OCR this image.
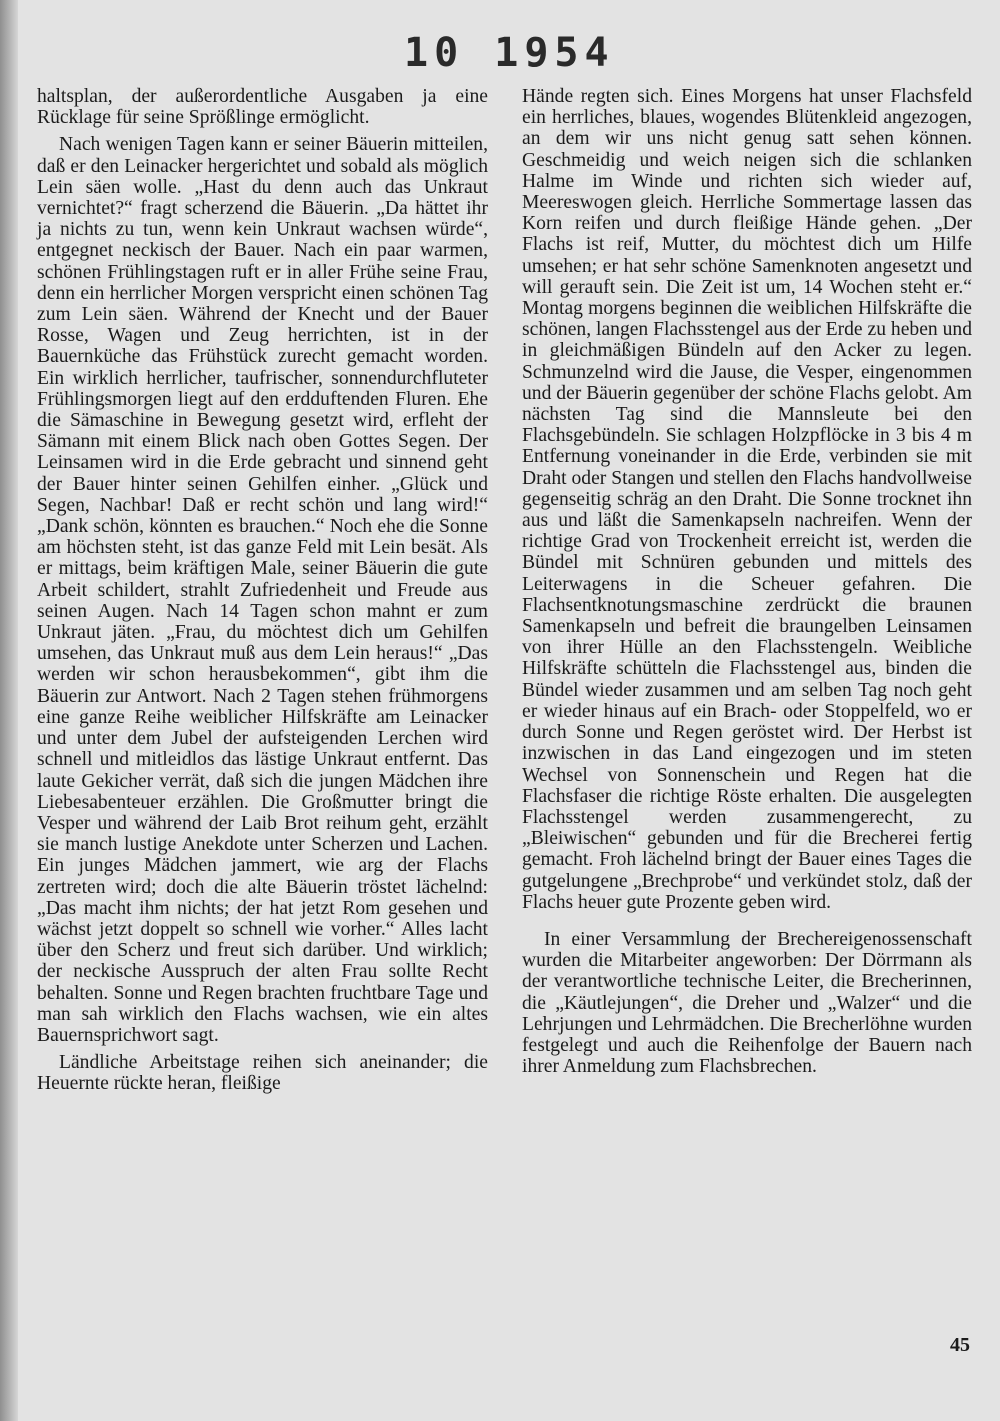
10 1954

haltsplan, der außerordentliche Ausgaben ja eine Rücklage für seine Sprößlinge ermöglicht.

Nach wenigen Tagen kann er seiner Bäuerin mitteilen, daß er den Leinacker hergerichtet und sobald als möglich Lein säen wolle. „Hast du denn auch das Unkraut vernichtet?“ fragt scherzend die Bäuerin. „Da hättet ihr ja nichts zu tun, wenn kein Unkraut wachsen würde“, entgegnet neckisch der Bauer. Nach ein paar warmen, schönen Frühlingstagen ruft er in aller Frühe seine Frau, denn ein herrlicher Morgen verspricht einen schönen Tag zum Lein säen. Während der Knecht und der Bauer Rosse, Wagen und Zeug herrichten, ist in der Bauernküche das Frühstück zurecht gemacht worden. Ein wirklich herrlicher, taufrischer, sonnendurchfluteter Frühlingsmorgen liegt auf den erdduftenden Fluren. Ehe die Sämaschine in Bewegung gesetzt wird, erfleht der Sämann mit einem Blick nach oben Gottes Segen. Der Leinsamen wird in die Erde gebracht und sinnend geht der Bauer hinter seinen Gehilfen einher. „Glück und Segen, Nachbar! Daß er recht schön und lang wird!“ „Dank schön, könnten es brauchen.“ Noch ehe die Sonne am höchsten steht, ist das ganze Feld mit Lein besät. Als er mittags, beim kräftigen Male, seiner Bäuerin die gute Arbeit schildert, strahlt Zufriedenheit und Freude aus seinen Augen. Nach 14 Tagen schon mahnt er zum Unkraut jäten. „Frau, du möchtest dich um Gehilfen umsehen, das Unkraut muß aus dem Lein heraus!“ „Das werden wir schon herausbekommen“, gibt ihm die Bäuerin zur Antwort. Nach 2 Tagen stehen frühmorgens eine ganze Reihe weiblicher Hilfskräfte am Leinacker und unter dem Jubel der aufsteigenden Lerchen wird schnell und mitleidlos das lästige Unkraut entfernt. Das laute Gekicher verrät, daß sich die jungen Mädchen ihre Liebesabenteuer erzählen. Die Großmutter bringt die Vesper und während der Laib Brot reihum geht, erzählt sie manch lustige Anekdote unter Scherzen und Lachen. Ein junges Mädchen jammert, wie arg der Flachs zertreten wird; doch die alte Bäuerin tröstet lächelnd: „Das macht ihm nichts; der hat jetzt Rom gesehen und wächst jetzt doppelt so schnell wie vorher.“ Alles lacht über den Scherz und freut sich darüber. Und wirklich; der neckische Ausspruch der alten Frau sollte Recht behalten. Sonne und Regen brachten fruchtbare Tage und man sah wirklich den Flachs wachsen, wie ein altes Bauernsprichwort sagt.

Ländliche Arbeitstage reihen sich aneinander; die Heuernte rückte heran, fleißige

Hände regten sich. Eines Morgens hat unser Flachsfeld ein herrliches, blaues, wogendes Blütenkleid angezogen, an dem wir uns nicht genug satt sehen können. Geschmeidig und weich neigen sich die schlanken Halme im Winde und richten sich wieder auf, Meereswogen gleich. Herrliche Sommertage lassen das Korn reifen und durch fleißige Hände gehen. „Der Flachs ist reif, Mutter, du möchtest dich um Hilfe umsehen; er hat sehr schöne Samenknoten angesetzt und will gerauft sein. Die Zeit ist um, 14 Wochen steht er.“ Montag morgens beginnen die weiblichen Hilfskräfte die schönen, langen Flachsstengel aus der Erde zu heben und in gleichmäßigen Bündeln auf den Acker zu legen. Schmunzelnd wird die Jause, die Vesper, eingenommen und der Bäuerin gegenüber der schöne Flachs gelobt. Am nächsten Tag sind die Mannsleute bei den Flachsgebündeln. Sie schlagen Holzpflöcke in 3 bis 4 m Entfernung voneinander in die Erde, verbinden sie mit Draht oder Stangen und stellen den Flachs handvollweise gegenseitig schräg an den Draht. Die Sonne trocknet ihn aus und läßt die Samenkapseln nachreifen. Wenn der richtige Grad von Trockenheit erreicht ist, werden die Bündel mit Schnüren gebunden und mittels des Leiterwagens in die Scheuer gefahren. Die Flachsentknotungsmaschine zerdrückt die braunen Samenkapseln und befreit die braungelben Leinsamen von ihrer Hülle an den Flachsstengeln. Weibliche Hilfskräfte schütteln die Flachsstengel aus, binden die Bündel wieder zusammen und am selben Tag noch geht er wieder hinaus auf ein Brach- oder Stoppelfeld, wo er durch Sonne und Regen geröstet wird. Der Herbst ist inzwischen in das Land eingezogen und im steten Wechsel von Sonnenschein und Regen hat die Flachsfaser die richtige Röste erhalten. Die ausgelegten Flachsstengel werden zusammengerecht, zu „Bleiwischen“ gebunden und für die Brecherei fertig gemacht. Froh lächelnd bringt der Bauer eines Tages die gutgelungene „Brechprobe“ und verkündet stolz, daß der Flachs heuer gute Prozente geben wird.

In einer Versammlung der Brechereigenossenschaft wurden die Mitarbeiter angeworben: Der Dörrmann als der verantwortliche technische Leiter, die Brecherinnen, die „Käutlejungen“, die Dreher und „Walzer“ und die Lehrjungen und Lehrmädchen. Die Brecherlöhne wurden festgelegt und auch die Reihenfolge der Bauern nach ihrer Anmeldung zum Flachsbrechen.

45
